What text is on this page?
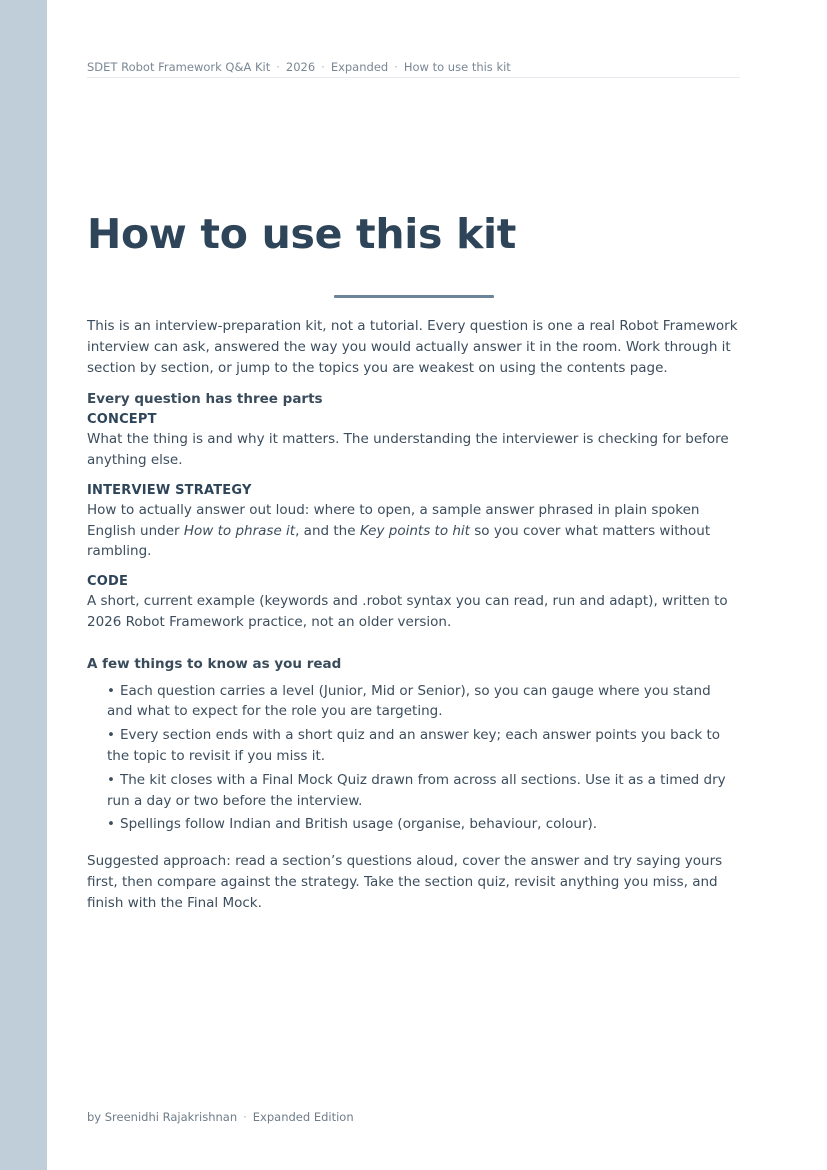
SDET Robot Framework Q&A Kit · 2026 · Expanded · How to use this kit
How to use this kit

This is an interview-preparation kit, not a tutorial. Every question is one a real Robot Framework interview can ask, answered the way you would actually answer it in the room. Work through it section by section, or jump to the topics you are weakest on using the contents page.

Every question has three parts

CONCEPT

What the thing is and why it matters. The understanding the interviewer is checking for before anything else.

INTERVIEW STRATEGY

How to actually answer out loud: where to open, a sample answer phrased in plain spoken English under How to phrase it, and the Key points to hit so you cover what matters without rambling.

CODE

A short, current example (keywords and .robot syntax you can read, run and adapt), written to 2026 Robot Framework practice, not an older version.

A few things to know as you read

• Each question carries a level (Junior, Mid or Senior), so you can gauge where you stand and what to expect for the role you are targeting.
• Every section ends with a short quiz and an answer key; each answer points you back to the topic to revisit if you miss it.
• The kit closes with a Final Mock Quiz drawn from across all sections. Use it as a timed dry run a day or two before the interview.
• Spellings follow Indian and British usage (organise, behaviour, colour).

Suggested approach: read a section’s questions aloud, cover the answer and try saying yours first, then compare against the strategy. Take the section quiz, revisit anything you miss, and finish with the Final Mock.

by Sreenidhi Rajakrishnan · Expanded Edition
